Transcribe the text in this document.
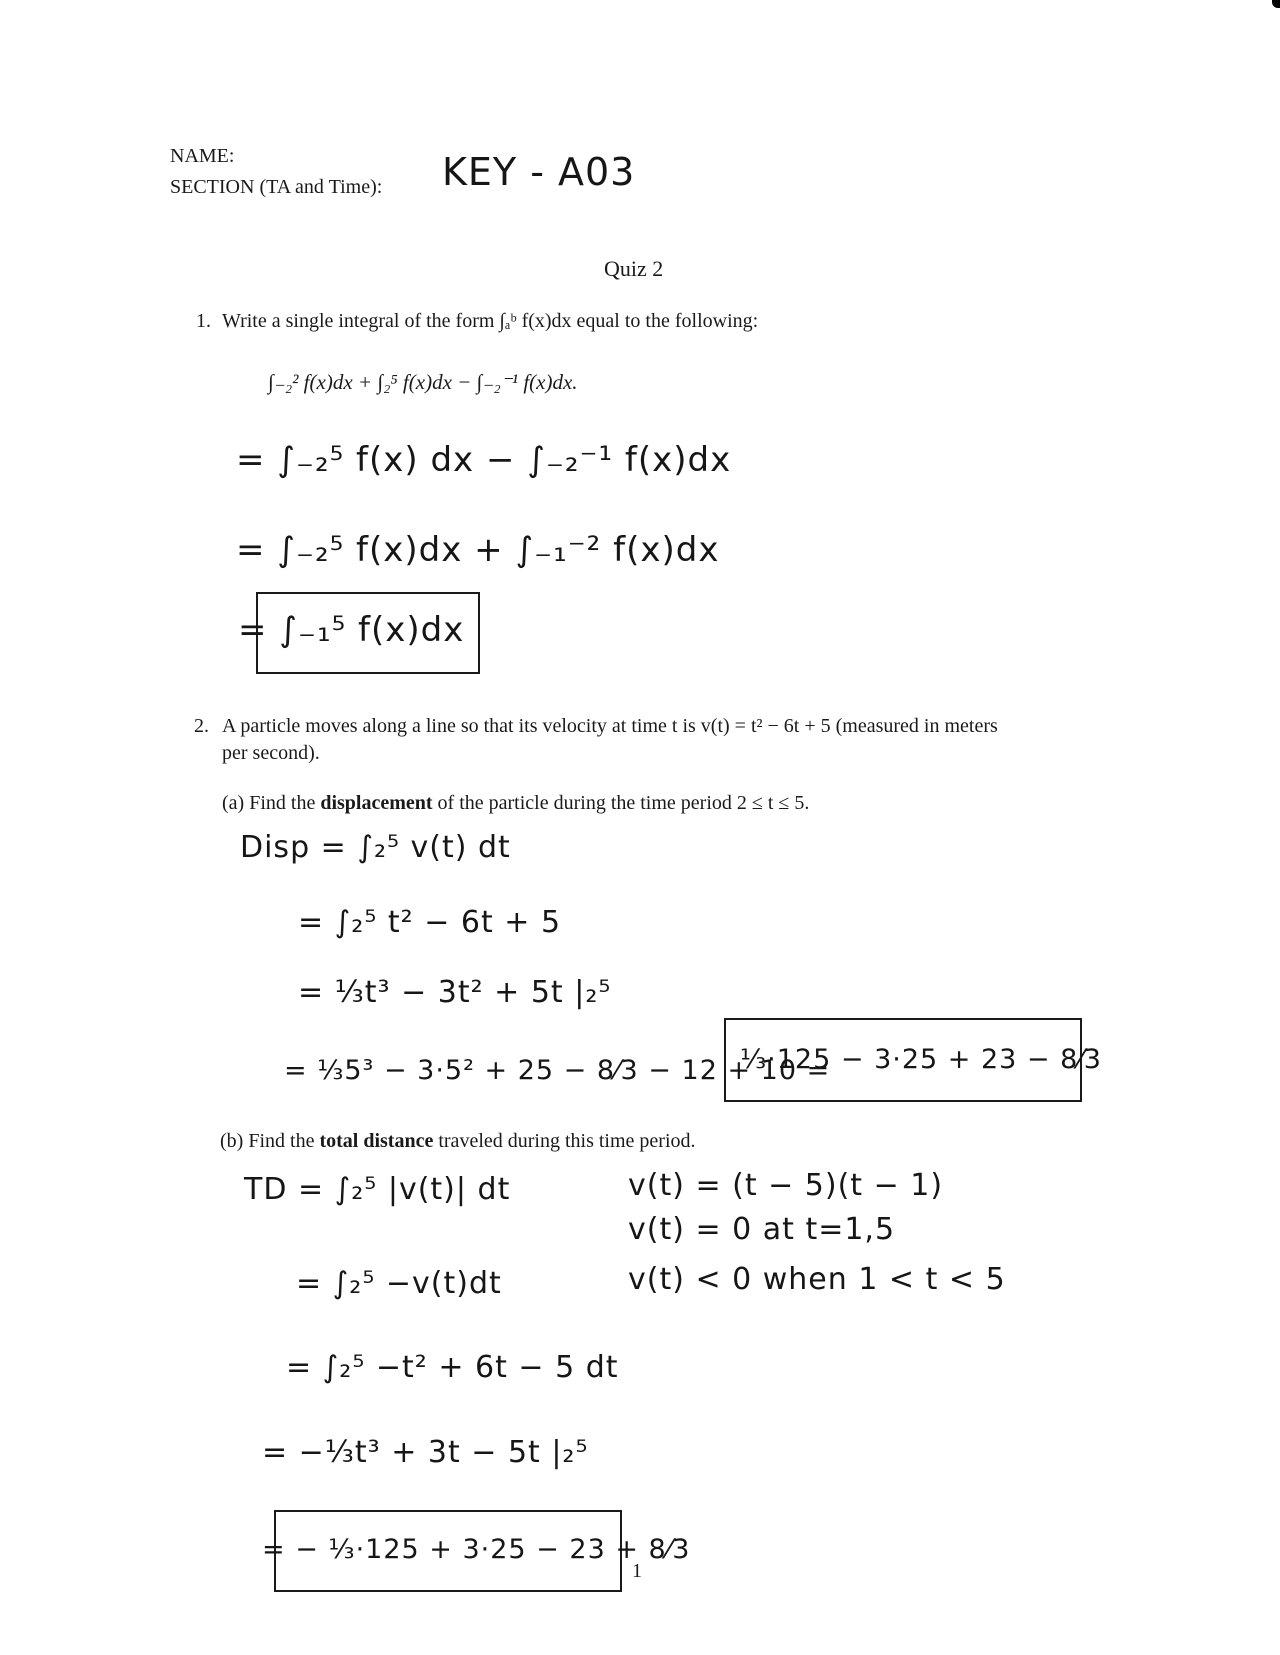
NAME:
SECTION (TA and Time): KEY - A03
Quiz 2
1. Write a single integral of the form ∫ₐᵇ f(x)dx equal to the following:
∫₋₂² f(x)dx + ∫₂⁵ f(x)dx − ∫₋₂⁻¹ f(x)dx.
= ∫₋₂⁵ f(x) dx − ∫₋₂⁻¹ f(x)dx
= ∫₋₂⁵ f(x)dx + ∫₋₁⁻² f(x)dx
= ∫₋₁⁵ f(x)dx
2. A particle moves along a line so that its velocity at time t is v(t) = t² − 6t + 5 (measured in meters
per second).
(a) Find the displacement of the particle during the time period 2 ≤ t ≤ 5.
Disp = ∫₂⁵ v(t) dt
= ∫₂⁵ t² − 6t + 5
= ⅓t³ − 3t² + 5t |₂⁵
= ⅓5³ − 3·5² + 25 − 8⁄3 − 12 + 10 =
⅓·125 − 3·25 + 23 − 8⁄3
(b) Find the total distance traveled during this time period.
TD = ∫₂⁵ |v(t)| dt
= ∫₂⁵ −v(t)dt
= ∫₂⁵ −t² + 6t − 5 dt
= −⅓t³ + 3t − 5t |₂⁵
v(t) = (t − 5)(t − 1)
v(t) = 0 at t=1,5
v(t) < 0 when 1 < t < 5
= − ⅓·125 + 3·25 − 23 + 8⁄3
1
